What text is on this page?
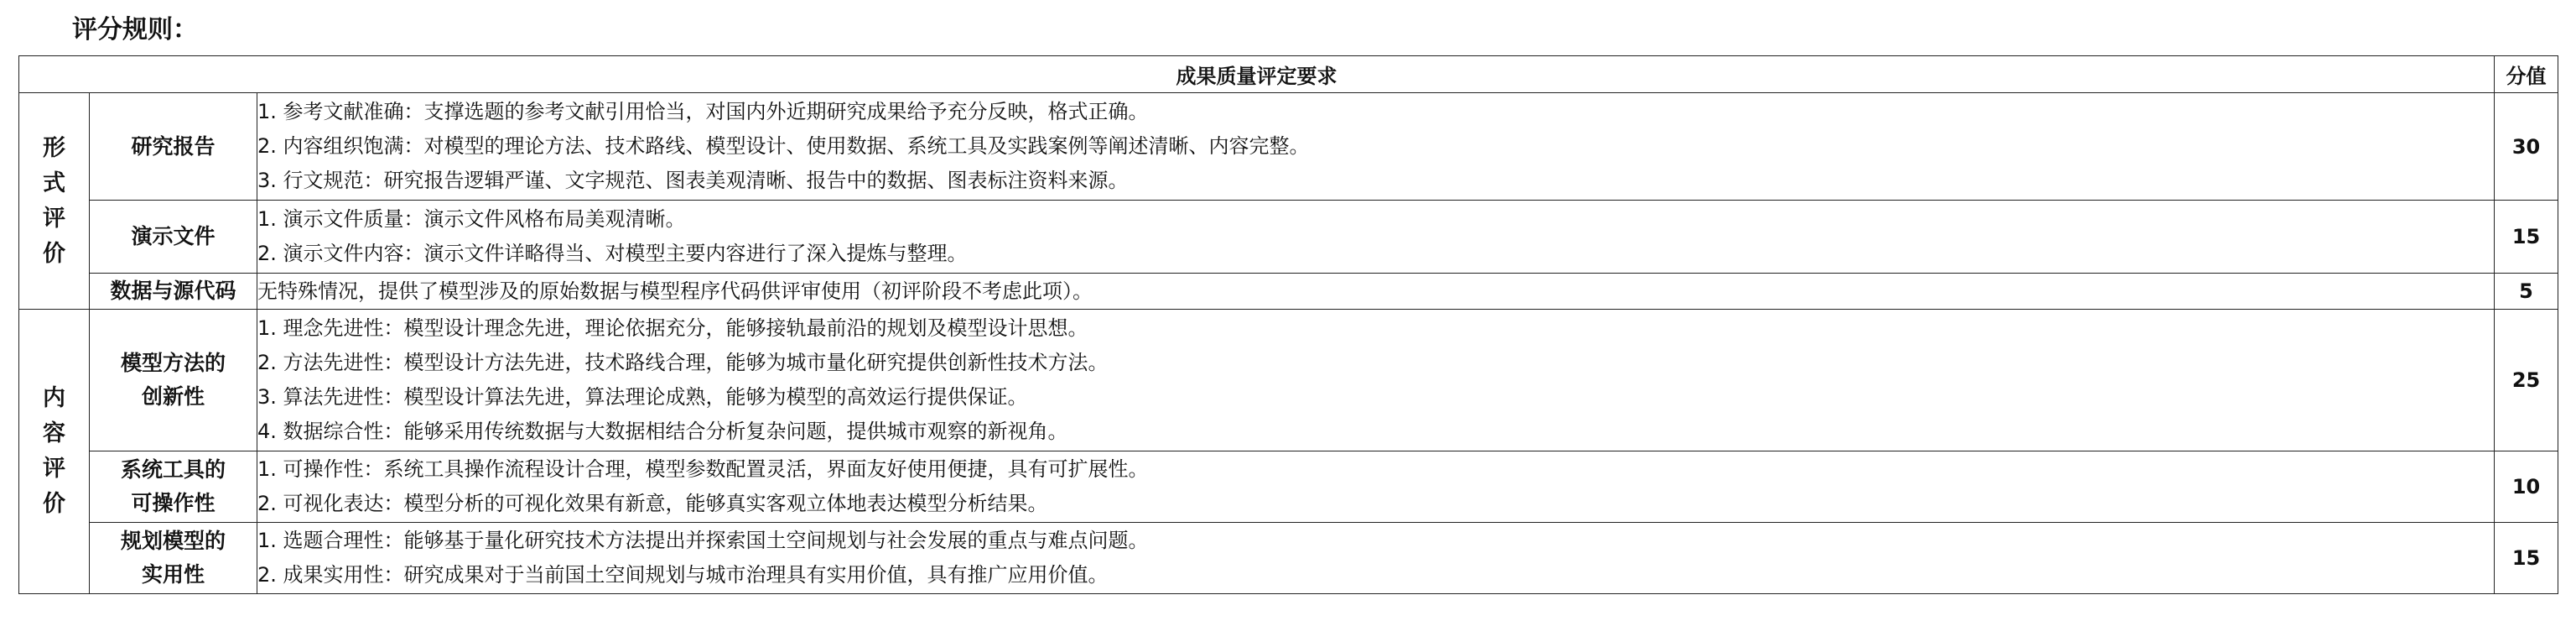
评分规则：
成果质量评定要求			分值

形
式
评
价	研究报告	1. 参考文献准确：支撑选题的参考文献引用恰当，对国内外近期研究成果给予充分反映，格式正确。
2. 内容组织饱满：对模型的理论方法、技术路线、模型设计、使用数据、系统工具及实践案例等阐述清晰、内容完整。
3. 行文规范：研究报告逻辑严谨、文字规范、图表美观清晰、报告中的数据、图表标注资料来源。	30
	演示文件	1. 演示文件质量：演示文件风格布局美观清晰。
2. 演示文件内容：演示文件详略得当、对模型主要内容进行了深入提炼与整理。	15
	数据与源代码	无特殊情况，提供了模型涉及的原始数据与模型程序代码供评审使用（初评阶段不考虑此项）。	5

内
容
评
价	模型方法的
创新性	1. 理念先进性：模型设计理念先进，理论依据充分，能够接轨最前沿的规划及模型设计思想。
2. 方法先进性：模型设计方法先进，技术路线合理，能够为城市量化研究提供创新性技术方法。
3. 算法先进性：模型设计算法先进，算法理论成熟，能够为模型的高效运行提供保证。
4. 数据综合性：能够采用传统数据与大数据相结合分析复杂问题，提供城市观察的新视角。	25
	系统工具的
可操作性	1. 可操作性：系统工具操作流程设计合理，模型参数配置灵活，界面友好使用便捷，具有可扩展性。
2. 可视化表达：模型分析的可视化效果有新意，能够真实客观立体地表达模型分析结果。	10
	规划模型的
实用性	1. 选题合理性：能够基于量化研究技术方法提出并探索国土空间规划与社会发展的重点与难点问题。
2. 成果实用性：研究成果对于当前国土空间规划与城市治理具有实用价值，具有推广应用价值。	15
